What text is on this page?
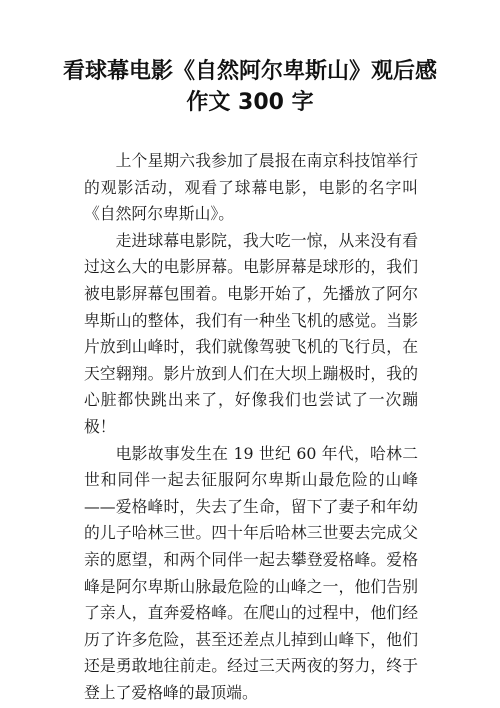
看球幕电影《自然阿尔卑斯山》观后感作文 300 字

上个星期六我参加了晨报在南京科技馆举行的观影活动，观看了球幕电影，电影的名字叫《自然阿尔卑斯山》。

走进球幕电影院，我大吃一惊，从来没有看过这么大的电影屏幕。电影屏幕是球形的，我们被电影屏幕包围着。电影开始了，先播放了阿尔卑斯山的整体，我们有一种坐飞机的感觉。当影片放到山峰时，我们就像驾驶飞机的飞行员，在天空翱翔。影片放到人们在大坝上蹦极时，我的心脏都快跳出来了，好像我们也尝试了一次蹦极！

电影故事发生在 19 世纪 60 年代，哈林二世和同伴一起去征服阿尔卑斯山最危险的山峰——爱格峰时，失去了生命，留下了妻子和年幼的儿子哈林三世。四十年后哈林三世要去完成父亲的愿望，和两个同伴一起去攀登爱格峰。爱格峰是阿尔卑斯山脉最危险的山峰之一，他们告别了亲人，直奔爱格峰。在爬山的过程中，他们经历了许多危险，甚至还差点儿掉到山峰下，他们还是勇敢地往前走。经过三天两夜的努力，终于登上了爱格峰的最顶端。
